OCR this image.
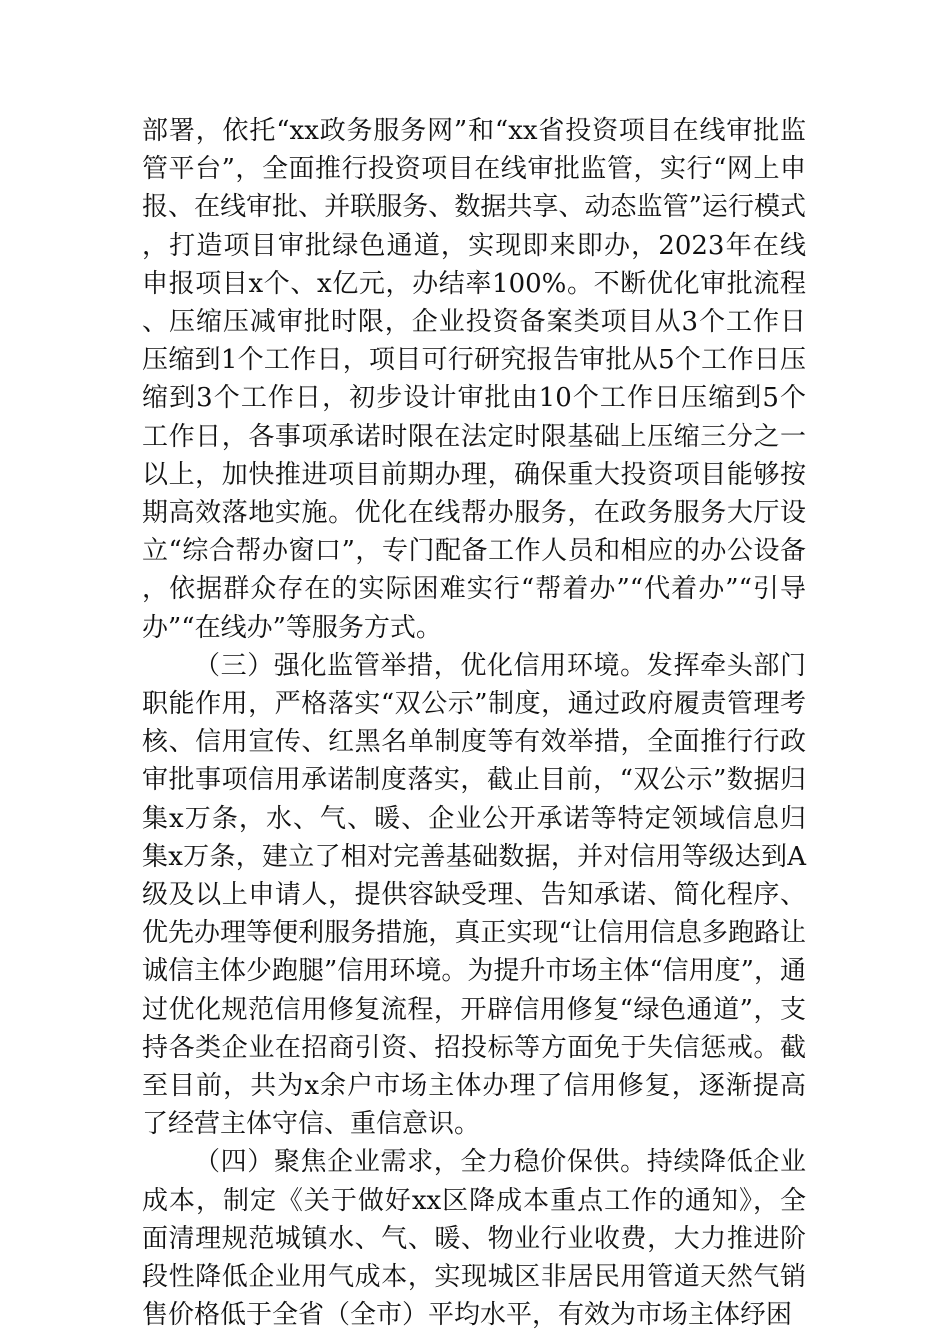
部署，依托“xx政务服务网”和“xx省投资项目在线审批监管平台”，全面推行投资项目在线审批监管，实行“网上申报、在线审批、并联服务、数据共享、动态监管”运行模式，打造项目审批绿色通道，实现即来即办，2023年在线申报项目x个、x亿元，办结率100%。不断优化审批流程、压缩压减审批时限，企业投资备案类项目从3个工作日压缩到1个工作日，项目可行研究报告审批从5个工作日压缩到3个工作日，初步设计审批由10个工作日压缩到5个工作日，各事项承诺时限在法定时限基础上压缩三分之一以上，加快推进项目前期办理，确保重大投资项目能够按期高效落地实施。优化在线帮办服务，在政务服务大厅设立“综合帮办窗口”，专门配备工作人员和相应的办公设备，依据群众存在的实际困难实行“帮着办”“代着办”“引导办”“在线办”等服务方式。

（三）强化监管举措，优化信用环境。发挥牵头部门职能作用，严格落实“双公示”制度，通过政府履责管理考核、信用宣传、红黑名单制度等有效举措，全面推行行政审批事项信用承诺制度落实，截止目前，“双公示”数据归集x万条，水、气、暖、企业公开承诺等特定领域信息归集x万条，建立了相对完善基础数据，并对信用等级达到A级及以上申请人，提供容缺受理、告知承诺、简化程序、优先办理等便利服务措施，真正实现“让信用信息多跑路让诚信主体少跑腿”信用环境。为提升市场主体“信用度”，通过优化规范信用修复流程，开辟信用修复“绿色通道”，支持各类企业在招商引资、招投标等方面免于失信惩戒。截至目前，共为x余户市场主体办理了信用修复，逐渐提高了经营主体守信、重信意识。

（四）聚焦企业需求，全力稳价保供。持续降低企业成本，制定《关于做好xx区降成本重点工作的通知》，全面清理规范城镇水、气、暖、物业行业收费，大力推进阶段性降低企业用气成本，实现城区非居民用管道天然气销售价格低于全省（全市）平均水平，有效为市场主体纾困
